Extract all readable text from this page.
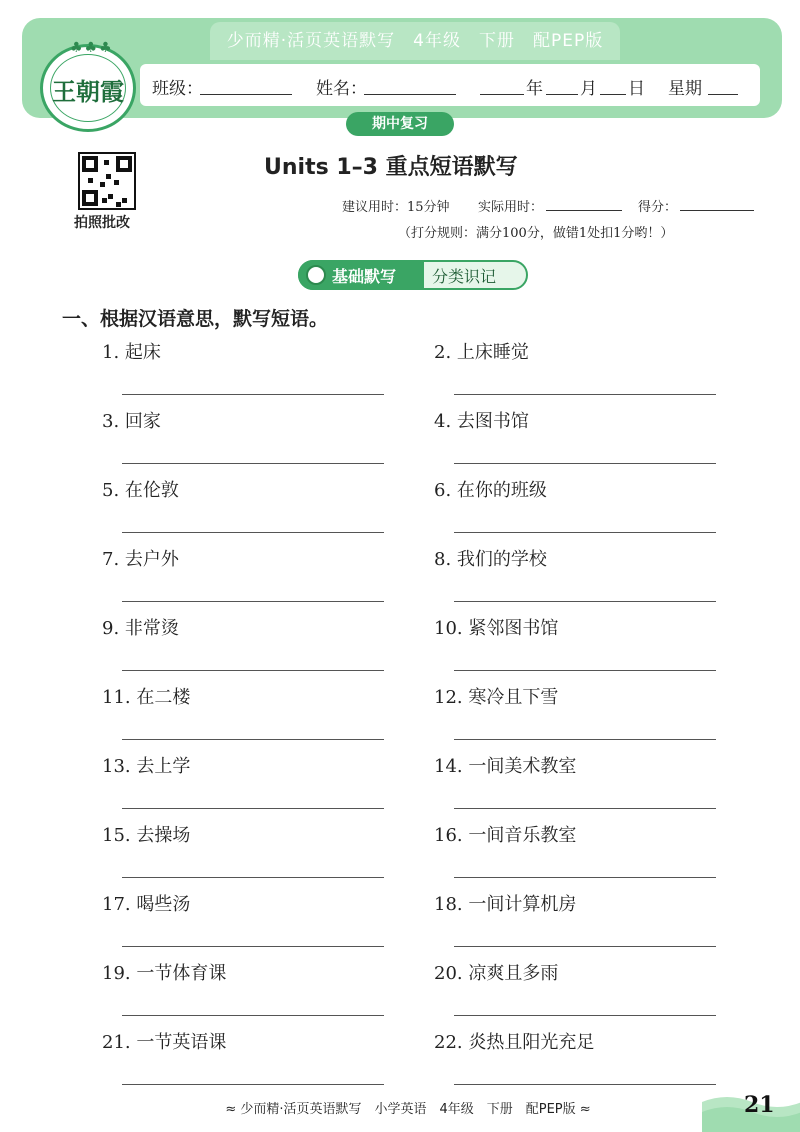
少而精·活页英语默写　4年级　下册　配PEP版
班级：	姓名：	年 月 日 星期
♣♣♣
王朝霞
期中复习
拍照批改
Units 1–3 重点短语默写
建议用时：15分钟 实际用时：	得分：
（打分规则：满分100分，做错1处扣1分哟！）
基础默写 分类识记
一、根据汉语意思，默写短语。
1. 起床	2. 上床睡觉
3. 回家	4. 去图书馆
5. 在伦敦	6. 在你的班级
7. 去户外	8. 我们的学校
9. 非常烫	10. 紧邻图书馆
11. 在二楼	12. 寒冷且下雪
13. 去上学	14. 一间美术教室
15. 去操场	16. 一间音乐教室
17. 喝些汤	18. 一间计算机房
19. 一节体育课	20. 凉爽且多雨
21. 一节英语课	22. 炎热且阳光充足
≈ 少而精·活页英语默写　小学英语　4年级　下册　配PEP版 ≈	21
